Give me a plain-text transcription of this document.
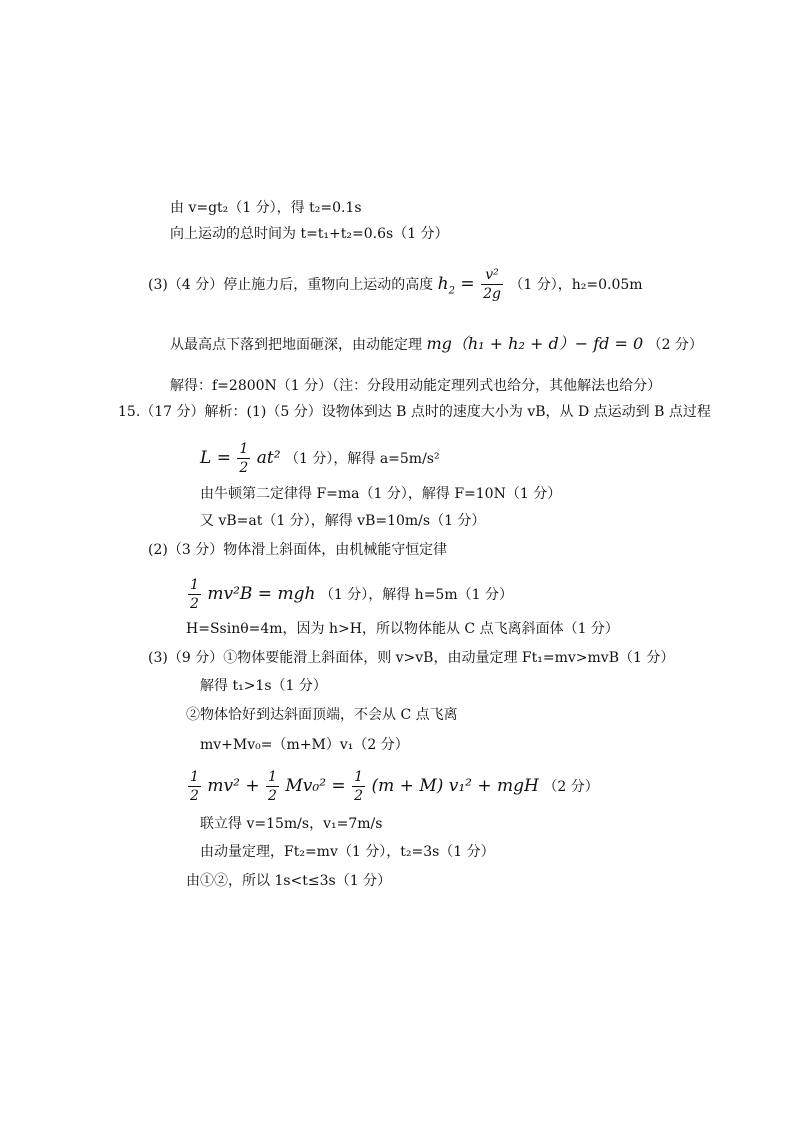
由 v=gt₂（1 分），得 t₂=0.1s
向上运动的总时间为 t=t₁+t₂=0.6s（1 分）
(3)（4 分）停止施力后，重物向上运动的高度 $h_2 = \frac{\text{v²}}{2g} (1$ 分），h₂=0.05m
从最高点下落到把地面砸深，由动能定理 mg（h₁ + h₂ + d）− fd = 0 （2 分）
解得：f=2800N（1 分）（注：分段用动能定理列式也给分，其他解法也给分）
15.（17 分）解析：(1)（5 分）设物体到达 B 点时的速度大小为 vB，从 D 点运动到 B 点过程
$L = \frac{1}{2} at^2$ （1 分），解得 a=5m/s²
由牛顿第二定律得 F=ma（1 分），解得 F=10N（1 分）
又 vB=at（1 分），解得 vB=10m/s（1 分）
(2)（3 分）物体滑上斜面体，由机械能守恒定律
$\frac{1}{2} mv^2B$ = mgh （1 分），解得 h=5m（1 分）
H=Ssinθ=4m，因为 h>H，所以物体能从 C 点飞离斜面体（1 分）
(3)（9 分）①物体要能滑上斜面体，则 v>vB，由动量定理 Ft₁=mv>mvB（1 分）
解得 t₁>1s（1 分）
②物体恰好到达斜面顶端，不会从 C 点飞离
mv+Mv₀=（m+M）v₁（2 分）
$\frac{1}{2} mv^2 + \frac{1}{2} Mv_0^2 = \frac{1}{2} (m + M) v_1^2$ + mgH （2 分）
联立得 v=15m/s，v₁=7m/s
由动量定理，Ft₂=mv（1 分），t₂=3s（1 分）
由①②，所以 1s<t≤3s（1 分）
